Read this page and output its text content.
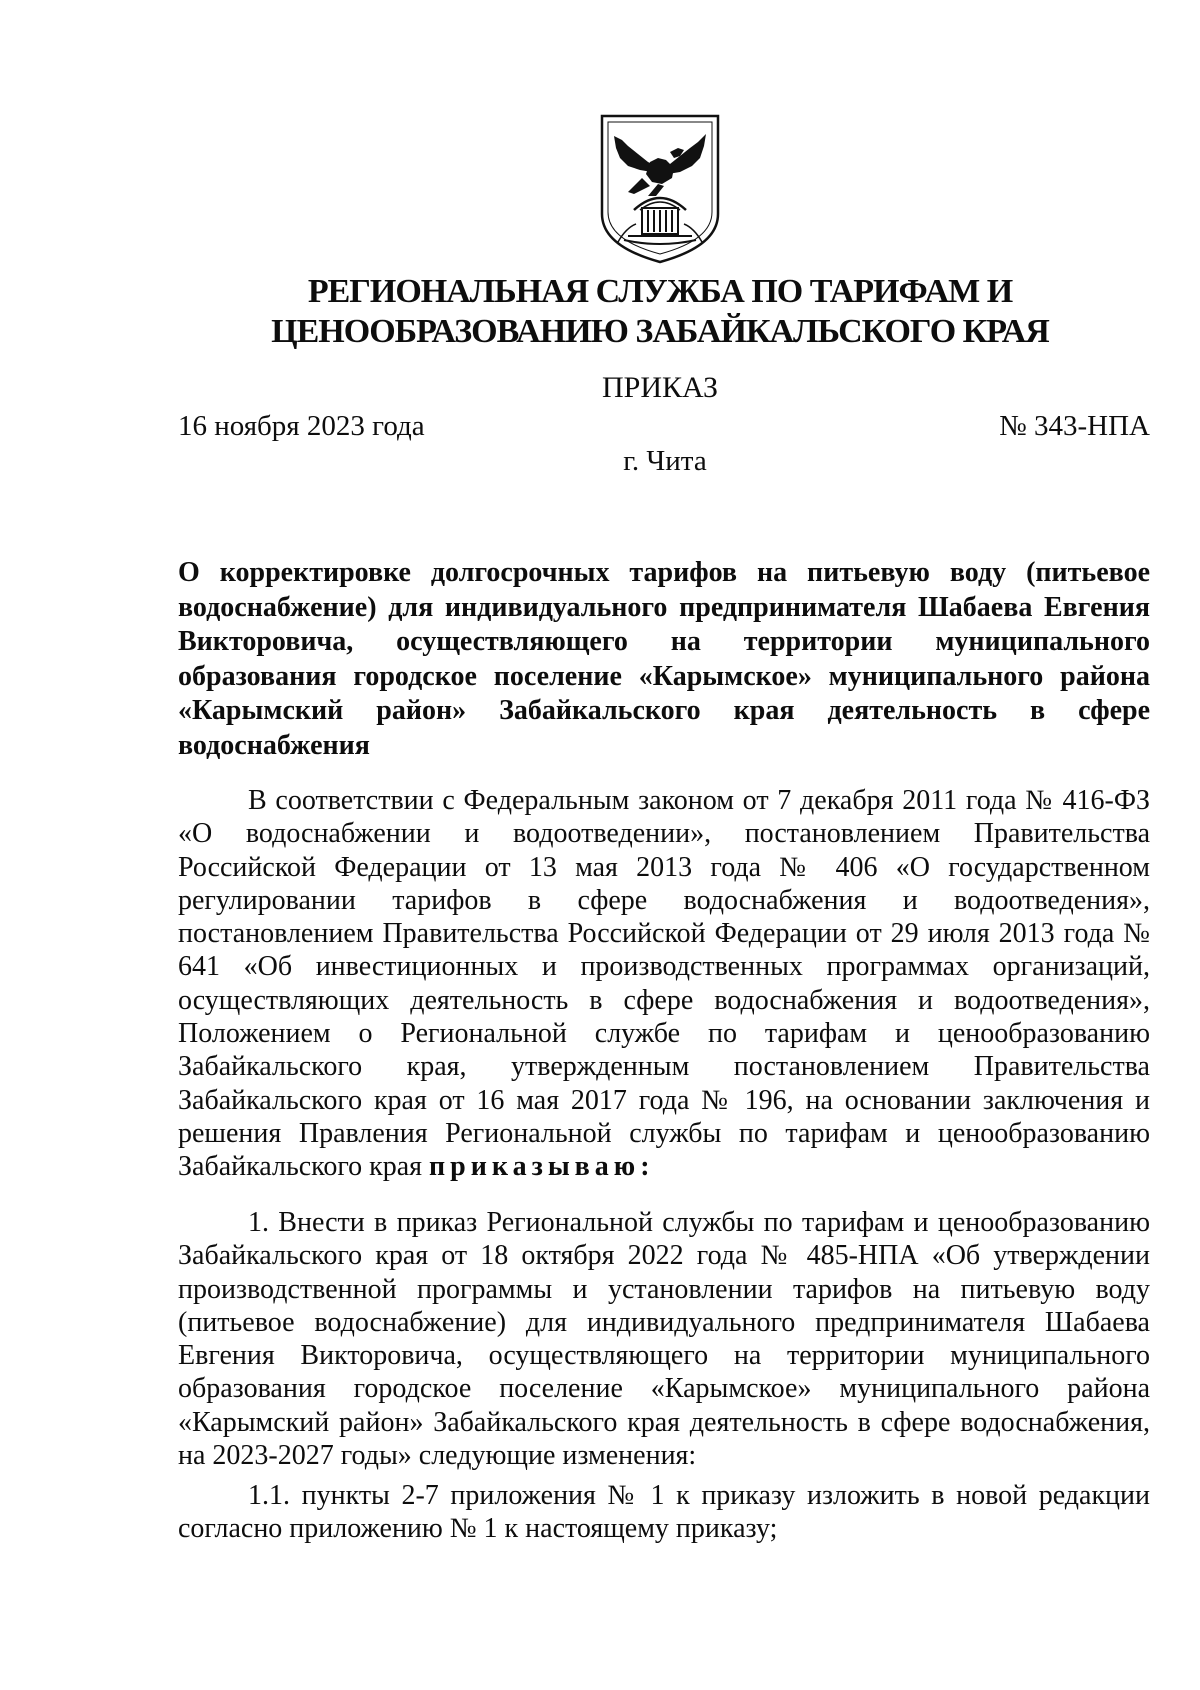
РЕГИОНАЛЬНАЯ СЛУЖБА ПО ТАРИФАМ И
ЦЕНООБРАЗОВАНИЮ ЗАБАЙКАЛЬСКОГО КРАЯ
ПРИКАЗ
16 ноября 2023 года	№ 343-НПА
г. Чита

О корректировке долгосрочных тарифов на питьевую воду (питьевое водоснабжение) для индивидуального предпринимателя Шабаева Евгения Викторовича, осуществляющего на территории муниципального образования городское поселение «Карымское» муниципального района «Карымский район» Забайкальского края деятельность в сфере
водоснабжения

В соответствии с Федеральным законом от 7 декабря 2011 года № 416-ФЗ «О водоснабжении и водоотведении», постановлением Правительства Российской Федерации от 13 мая 2013 года № 406 «О государственном регулировании тарифов в сфере водоснабжения и водоотведения», постановлением Правительства Российской Федерации от 29 июля 2013 года № 641 «Об инвестиционных и производственных программах организаций, осуществляющих деятельность в сфере водоснабжения и водоотведения», Положением о Региональной службе по тарифам и ценообразованию Забайкальского края, утвержденным постановлением Правительства Забайкальского края от 16 мая 2017 года № 196, на основании заключения и решения Правления Региональной службы по тарифам и ценообразованию Забайкальского края приказываю:

1. Внести в приказ Региональной службы по тарифам и ценообразованию Забайкальского края от 18 октября 2022 года № 485-НПА «Об утверждении производственной программы и установлении тарифов на питьевую воду (питьевое водоснабжение) для индивидуального предпринимателя Шабаева Евгения Викторовича, осуществляющего на территории муниципального образования городское поселение «Карымское» муниципального района «Карымский район» Забайкальского края деятельность в сфере водоснабжения, на 2023-2027 годы» следующие изменения:

1.1. пункты 2-7 приложения № 1 к приказу изложить в новой редакции согласно приложению № 1 к настоящему приказу;
